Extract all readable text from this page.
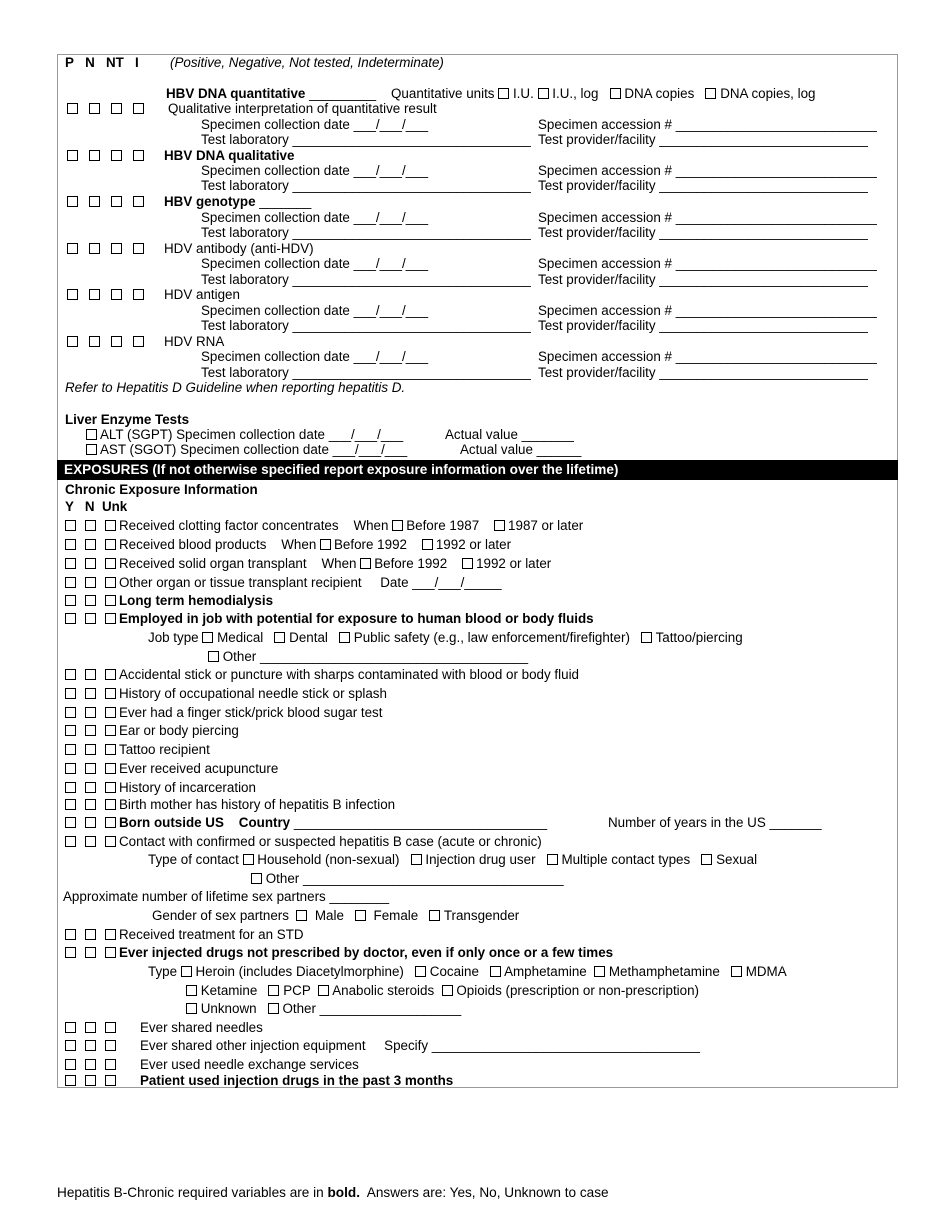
P N NT I (Positive, Negative, Not tested, Indeterminate)
HBV DNA quantitative _________ Quantitative units I.U. I.U., log DNA copies DNA copies, log
Qualitative interpretation of quantitative result
Specimen collection date ___/___/___	Specimen accession # ___________________________
Test laboratory ________________________________ Test provider/facility ____________________________
HBV DNA qualitative
Specimen collection date ___/___/___	Specimen accession # ___________________________
Test laboratory ________________________________ Test provider/facility ____________________________
HBV genotype _______
Specimen collection date ___/___/___	Specimen accession # ___________________________
Test laboratory ________________________________ Test provider/facility ____________________________
HDV antibody (anti-HDV)
Specimen collection date ___/___/___	Specimen accession # ___________________________
Test laboratory ________________________________ Test provider/facility ____________________________
HDV antigen
Specimen collection date ___/___/___	Specimen accession # ___________________________
Test laboratory ________________________________ Test provider/facility ____________________________
HDV RNA
Specimen collection date ___/___/___	Specimen accession # ___________________________
Test laboratory ________________________________ Test provider/facility ____________________________
Refer to Hepatitis D Guideline when reporting hepatitis D.
Liver Enzyme Tests
ALT (SGPT) Specimen collection date ___/___/___	Actual value _______
AST (SGOT) Specimen collection date ___/___/___	Actual value ______
EXPOSURES (If not otherwise specified report exposure information over the lifetime)
Chronic Exposure Information
Y   N  Unk
Received clotting factor concentrates When Before 1987 1987 or later
Received blood products When Before 1992 1992 or later
Received solid organ transplant When Before 1992 1992 or later
Other organ or tissue transplant recipient Date ___/___/_____
Long term hemodialysis
Employed in job with potential for exposure to human blood or body fluids
Job type Medical Dental Public safety (e.g., law enforcement/firefighter) Tattoo/piercing
Other ____________________________________
Accidental stick or puncture with sharps contaminated with blood or body fluid
History of occupational needle stick or splash
Ever had a finger stick/prick blood sugar test
Ear or body piercing
Tattoo recipient
Ever received acupuncture
History of incarceration
Birth mother has history of hepatitis B infection
Born outside US Country __________________________________	Number of years in the US _______
Contact with confirmed or suspected hepatitis B case (acute or chronic)
Type of contact Household (non-sexual) Injection drug user Multiple contact types Sexual
Other ___________________________________
Approximate number of lifetime sex partners ________
Gender of sex partners Male Female Transgender
Received treatment for an STD
Ever injected drugs not prescribed by doctor, even if only once or a few times
Type Heroin (includes Diacetylmorphine) Cocaine Amphetamine Methamphetamine MDMA
Ketamine PCP Anabolic steroids Opioids (prescription or non-prescription)
Unknown Other ___________________
Ever shared needles
Ever shared other injection equipment Specify ____________________________________
Ever used needle exchange services
Patient used injection drugs in the past 3 months
Hepatitis B-Chronic required variables are in bold.  Answers are: Yes, No, Unknown to case
